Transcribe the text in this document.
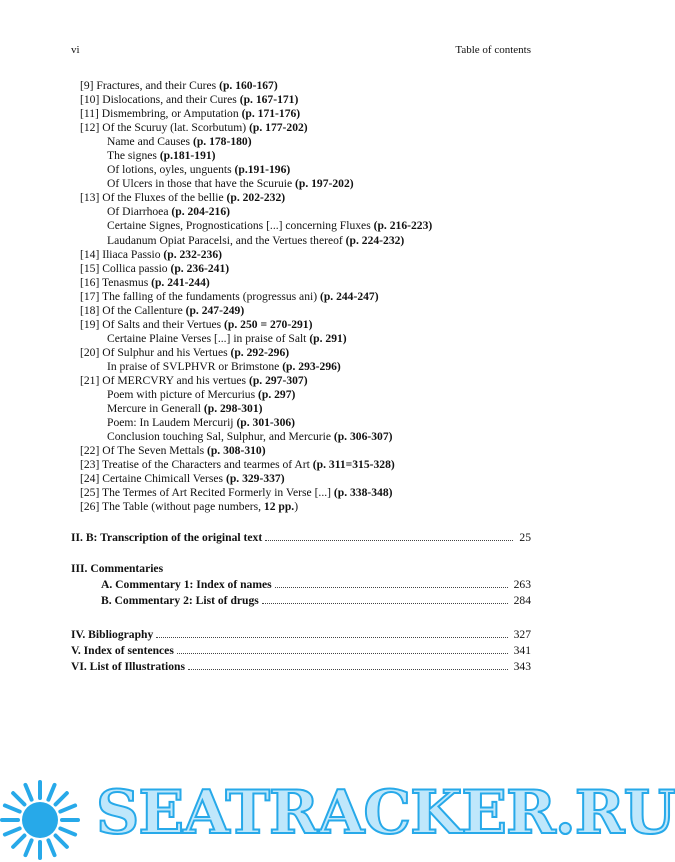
vi	Table of contents
[9] Fractures, and their Cures (p. 160-167)
[10] Dislocations, and their Cures (p. 167-171)
[11] Dismembring, or Amputation (p. 171-176)
[12] Of the Scuruy (lat. Scorbutum) (p. 177-202)
Name and Causes (p. 178-180)
The signes (p.181-191)
Of lotions, oyles, unguents (p.191-196)
Of Ulcers in those that have the Scuruie (p. 197-202)
[13] Of the Fluxes of the bellie (p. 202-232)
Of Diarrhoea (p. 204-216)
Certaine Signes, Prognostications [...] concerning Fluxes (p. 216-223)
Laudanum Opiat Paracelsi, and the Vertues thereof (p. 224-232)
[14] Iliaca Passio (p. 232-236)
[15] Collica passio (p. 236-241)
[16] Tenasmus (p. 241-244)
[17] The falling of the fundaments (progressus ani) (p. 244-247)
[18] Of the Callenture (p. 247-249)
[19] Of Salts and their Vertues (p. 250 = 270-291)
Certaine Plaine Verses [...] in praise of Salt (p. 291)
[20] Of Sulphur and his Vertues (p. 292-296)
In praise of SVLPHVR or Brimstone (p. 293-296)
[21] Of MERCVRY and his vertues (p. 297-307)
Poem with picture of Mercurius (p. 297)
Mercure in Generall (p. 298-301)
Poem: In Laudem Mercurij (p. 301-306)
Conclusion touching Sal, Sulphur, and Mercurie (p. 306-307)
[22] Of The Seven Mettals (p. 308-310)
[23] Treatise of the Characters and tearmes of Art (p. 311=315-328)
[24] Certaine Chimicall Verses (p. 329-337)
[25] The Termes of Art Recited Formerly in Verse [...] (p. 338-348)
[26] The Table (without page numbers, 12 pp.)
II. B: Transcription of the original text	25
III. Commentaries
A. Commentary 1: Index of names	263
B. Commentary 2: List of drugs	284
IV. Bibliography	327
V. Index of sentences	341
VI. List of Illustrations	343
SEATRACKER.RU
